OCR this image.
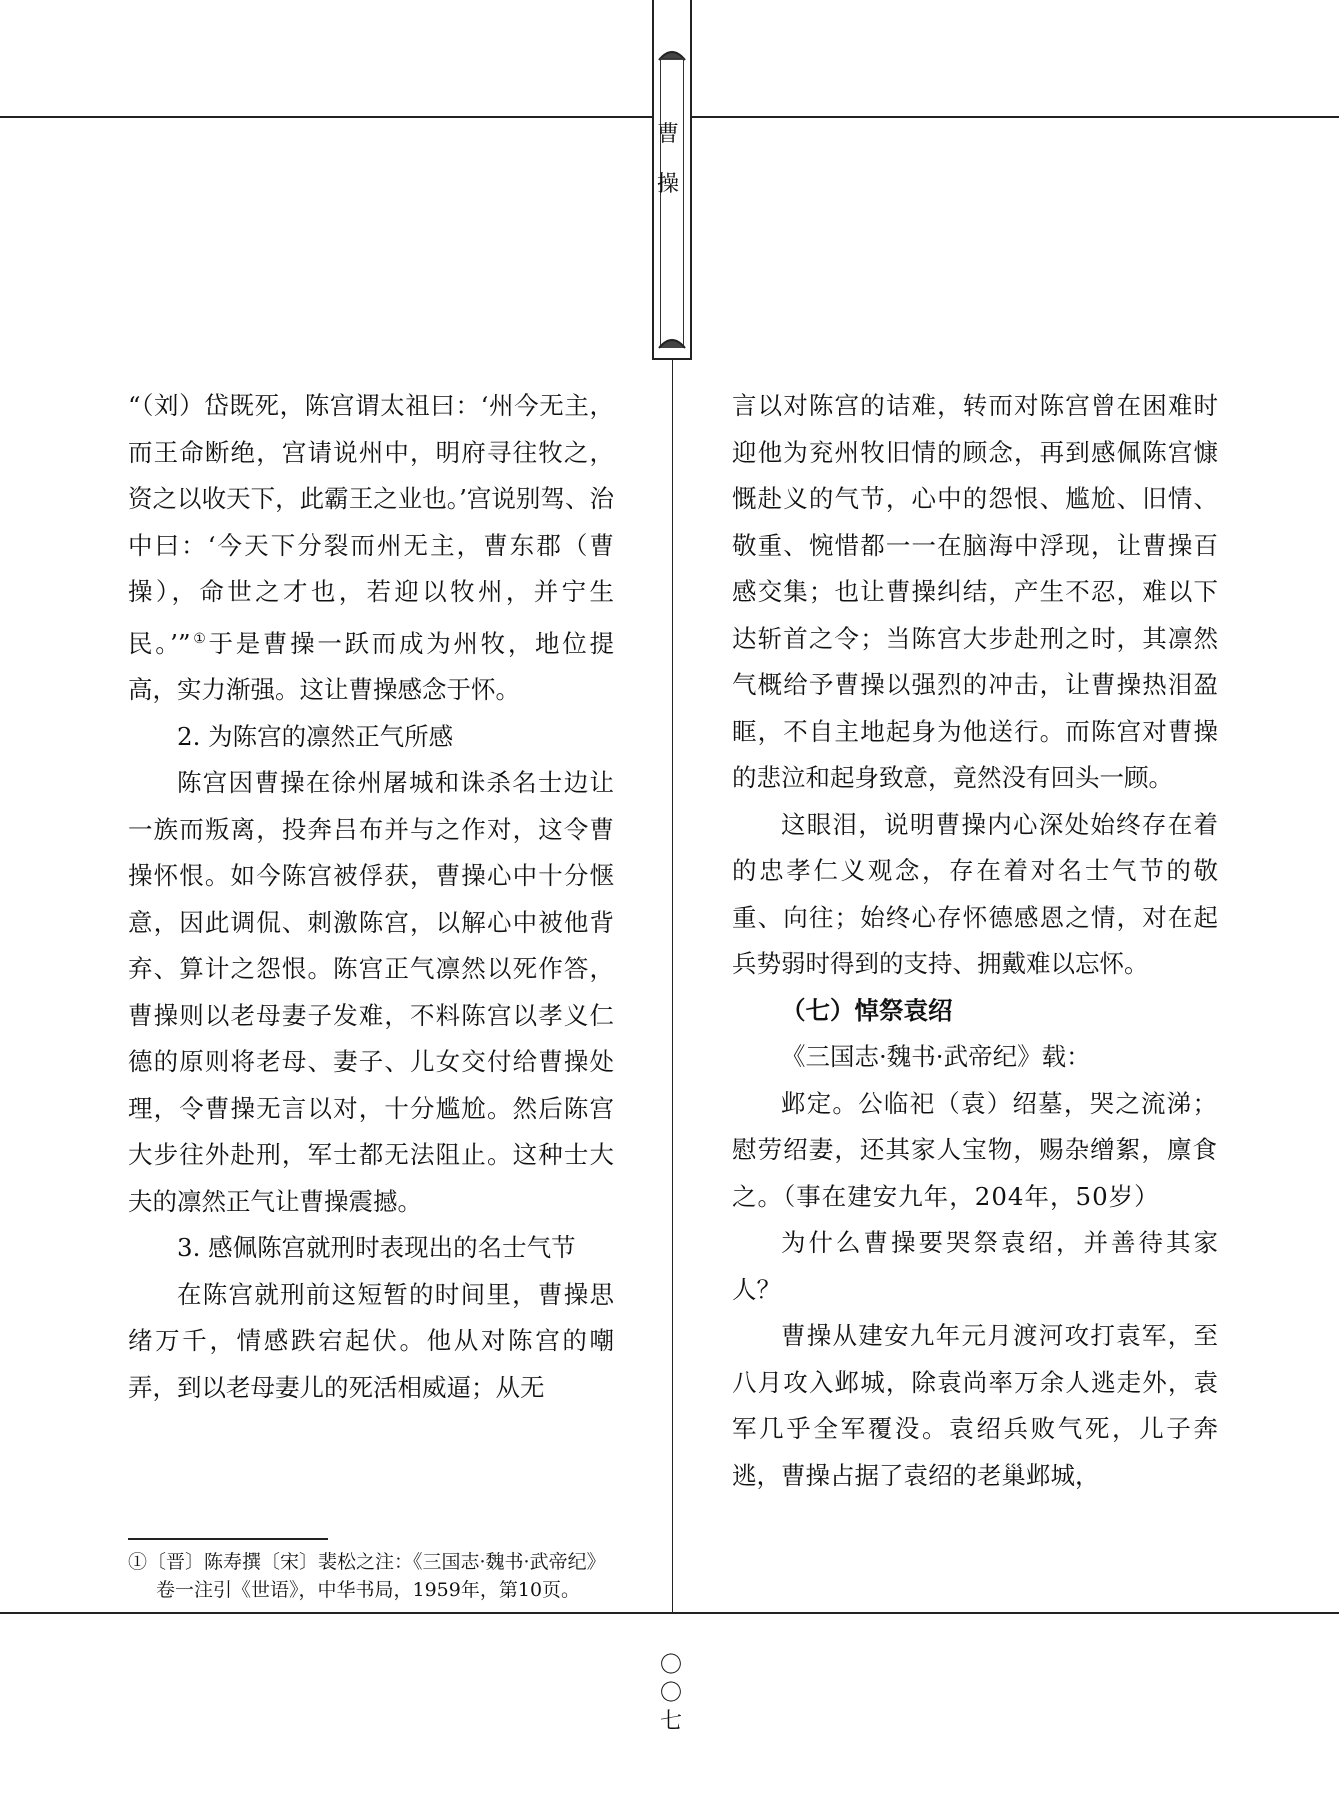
曹
操

“（刘）岱既死，陈宫谓太祖曰：‘州今无主，而王命断绝，宫请说州中，明府寻往牧之，资之以收天下，此霸王之业也。’宫说别驾、治中曰：‘今天下分裂而州无主，曹东郡（曹操），命世之才也，若迎以牧州，并宁生民。’”①于是曹操一跃而成为州牧，地位提高，实力渐强。这让曹操感念于怀。

2. 为陈宫的凛然正气所感

陈宫因曹操在徐州屠城和诛杀名士边让一族而叛离，投奔吕布并与之作对，这令曹操怀恨。如今陈宫被俘获，曹操心中十分惬意，因此调侃、刺激陈宫，以解心中被他背弃、算计之怨恨。陈宫正气凛然以死作答，曹操则以老母妻子发难，不料陈宫以孝义仁德的原则将老母、妻子、儿女交付给曹操处理，令曹操无言以对，十分尴尬。然后陈宫大步往外赴刑，军士都无法阻止。这种士大夫的凛然正气让曹操震撼。

3. 感佩陈宫就刑时表现出的名士气节

在陈宫就刑前这短暂的时间里，曹操思绪万千，情感跌宕起伏。他从对陈宫的嘲弄，到以老母妻儿的死活相威逼；从无

①〔晋〕陈寿撰〔宋〕裴松之注：《三国志·魏书·武帝纪》卷一注引《世语》，中华书局，1959年，第10页。

言以对陈宫的诘难，转而对陈宫曾在困难时迎他为兖州牧旧情的顾念，再到感佩陈宫慷慨赴义的气节，心中的怨恨、尴尬、旧情、敬重、惋惜都一一在脑海中浮现，让曹操百感交集；也让曹操纠结，产生不忍，难以下达斩首之令；当陈宫大步赴刑之时，其凛然气概给予曹操以强烈的冲击，让曹操热泪盈眶，不自主地起身为他送行。而陈宫对曹操的悲泣和起身致意，竟然没有回头一顾。

这眼泪，说明曹操内心深处始终存在着的忠孝仁义观念，存在着对名士气节的敬重、向往；始终心存怀德感恩之情，对在起兵势弱时得到的支持、拥戴难以忘怀。

（七）悼祭袁绍

《三国志·魏书·武帝纪》载：

邺定。公临祀（袁）绍墓，哭之流涕；慰劳绍妻，还其家人宝物，赐杂缯絮，廪食之。（事在建安九年，204年，50岁）

为什么曹操要哭祭袁绍，并善待其家人？

曹操从建安九年元月渡河攻打袁军，至八月攻入邺城，除袁尚率万余人逃走外，袁军几乎全军覆没。袁绍兵败气死，儿子奔逃，曹操占据了袁绍的老巢邺城，

〇
〇
七
